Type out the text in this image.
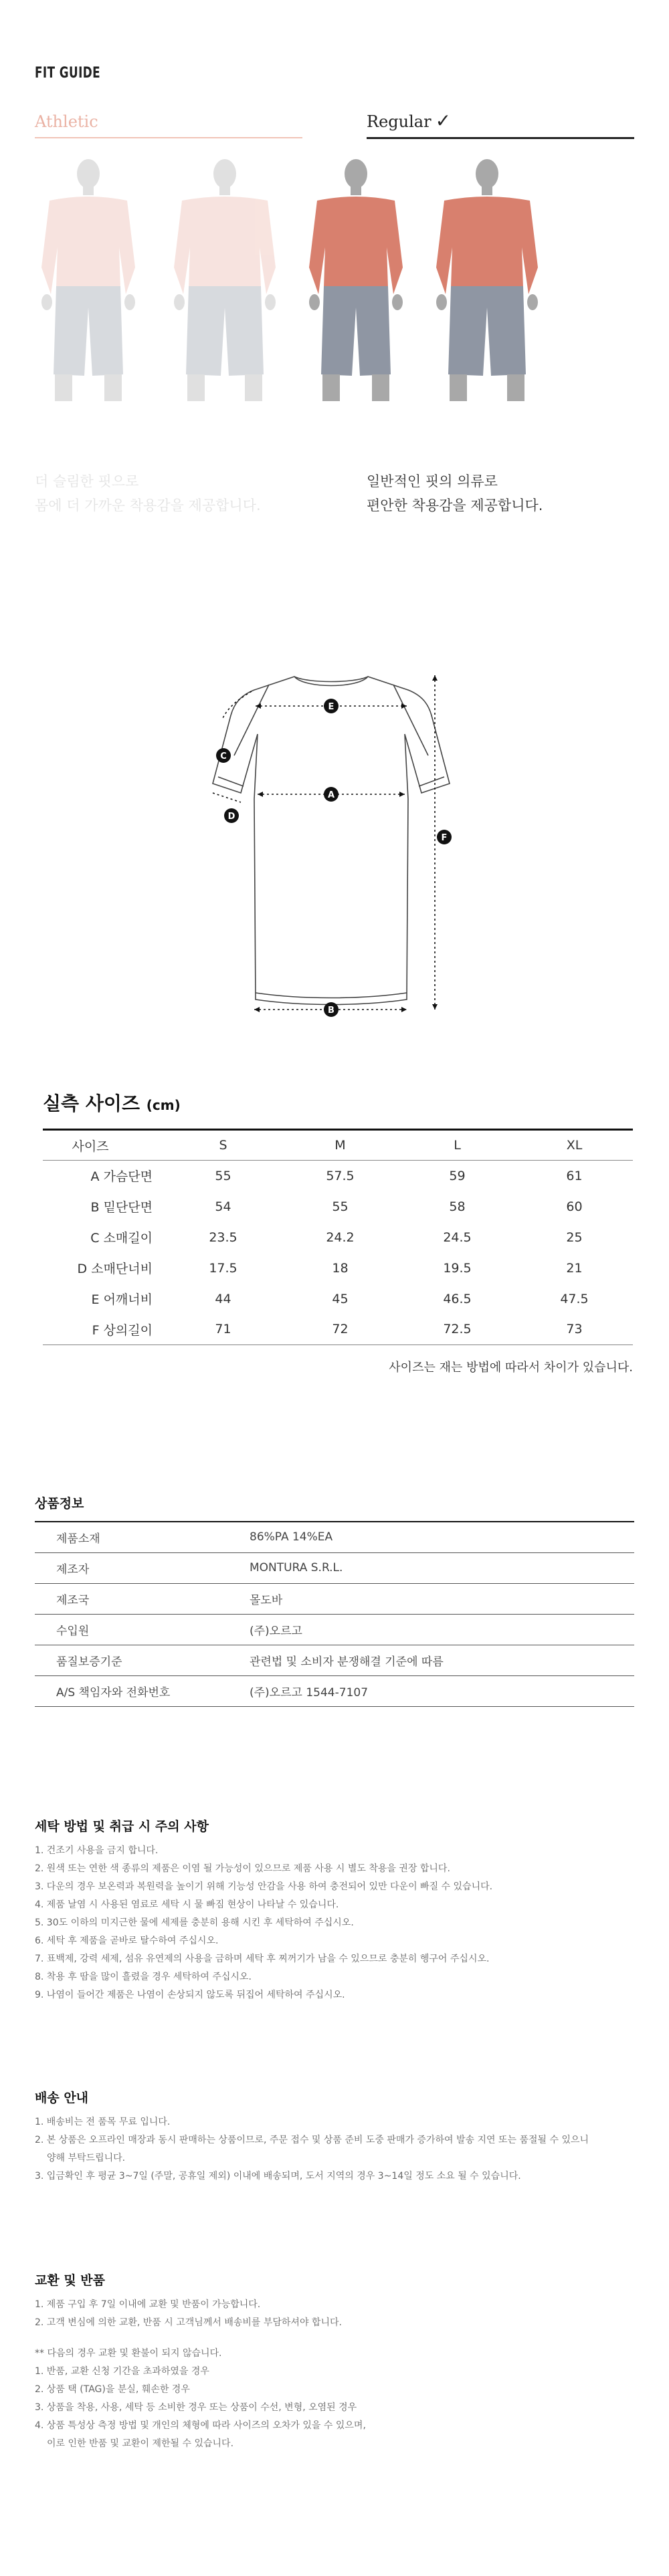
FIT GUIDE
Athletic	Regular ✓
더 슬림한 핏으로
몸에 더 가까운 착용감을 제공합니다.
일반적인 핏의 의류로
편안한 착용감을 제공합니다.
E
A
B
C
D
F
실측 사이즈 (cm)
사이즈	S	M	L	XL
A 가슴단면	55	57.5	59	61
B 밑단단면	54	55	58	60
C 소매길이	23.5	24.2	24.5	25
D 소매단너비	17.5	18	19.5	21
E 어깨너비	44	45	46.5	47.5
F 상의길이	71	72	72.5	73
사이즈는 재는 방법에 따라서 차이가 있습니다.
상품정보
제품소재	86%PA 14%EA
제조자	MONTURA S.R.L.
제조국	몰도바
수입원	(주)오르고
품질보증기준	관련법 및 소비자 분쟁해결 기준에 따름
A/S 책임자와 전화번호	(주)오르고 1544-7107
세탁 방법 및 취급 시 주의 사항
1. 건조기 사용을 금지 합니다.
2. 원색 또는 연한 색 종류의 제품은 이염 될 가능성이 있으므로 제품 사용 시 별도 착용을 권장 합니다.
3. 다운의 경우 보온력과 복원력을 높이기 위해 기능성 안감을 사용 하여 충전되어 있만 다운이 빠질 수 있습니다.
4. 제품 날염 시 사용된 염료로 세탁 시 물 빠짐 현상이 나타날 수 있습니다.
5. 30도 이하의 미지근한 물에 세제를 충분히 용해 시킨 후 세탁하여 주십시오.
6. 세탁 후 제품을 곧바로 탈수하여 주십시오.
7. 표백제, 강력 세제, 섬유 유연제의 사용을 금하며 세탁 후 찌꺼기가 남을 수 있으므로 충분히 헹구어 주십시오.
8. 착용 후 땀을 많이 흘렸을 경우 세탁하여 주십시오.
9. 나염이 들어간 제품은 나염이 손상되지 않도록 뒤집어 세탁하여 주십시오.
배송 안내
1. 배송비는 전 품목 무료 입니다.
2. 본 상품은 오프라인 매장과 동시 판매하는 상품이므로, 주문 접수 및 상품 준비 도중 판매가 증가하여 발송 지연 또는 품절될 수 있으니
양해 부탁드립니다.
3. 입금확인 후 평균 3~7일 (주말, 공휴일 제외) 이내에 배송되며, 도서 지역의 경우 3~14일 정도 소요 될 수 있습니다.
교환 및 반품
1. 제품 구입 후 7일 이내에 교환 및 반품이 가능합니다.
2. 고객 변심에 의한 교환, 반품 시 고객님께서 배송비를 부담하셔야 합니다.
** 다음의 경우 교환 및 환불이 되지 않습니다.
1. 반품, 교환 신청 기간을 초과하였을 경우
2. 상품 택 (TAG)을 분실, 훼손한 경우
3. 상품을 착용, 사용, 세탁 등 소비한 경우 또는 상품이 수선, 변형, 오염된 경우
4. 상품 특성상 측정 방법 및 개인의 체형에 따라 사이즈의 오차가 있을 수 있으며,
이로 인한 반품 및 교환이 제한될 수 있습니다.
